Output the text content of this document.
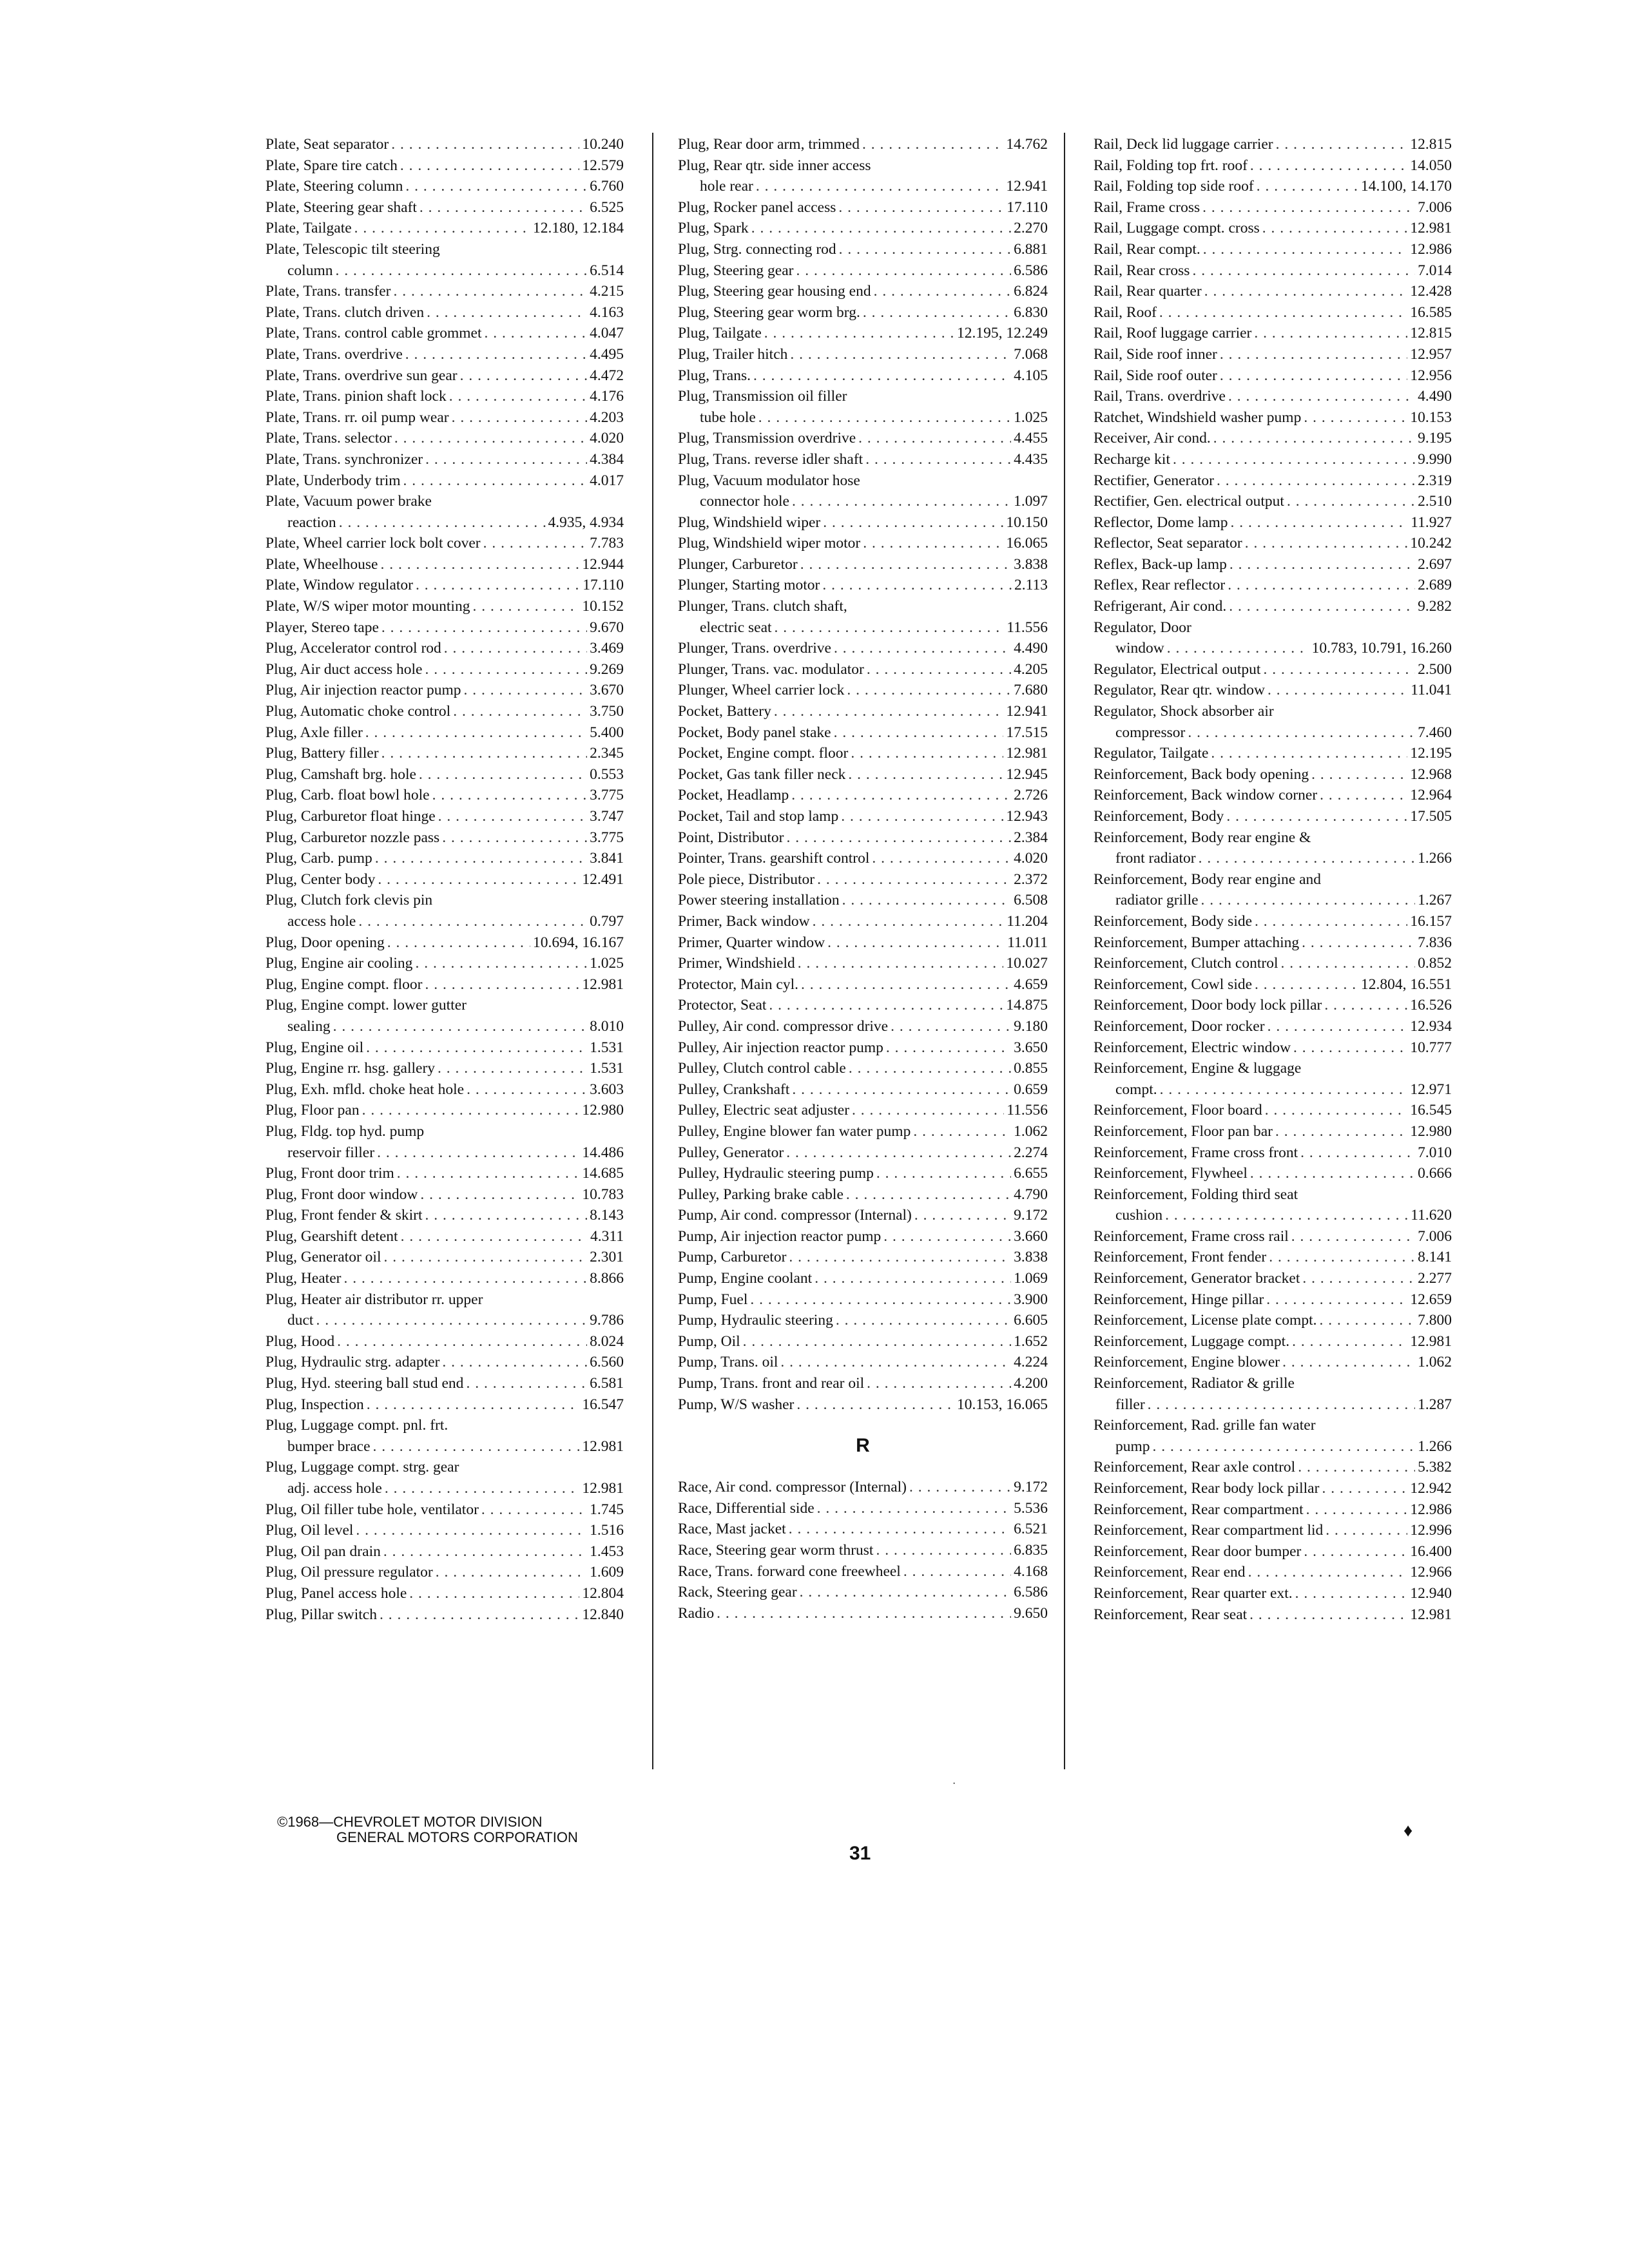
Plate, Seat separator . . .	10.240
Plate, Spare tire catch . . .	12.579
Plate, Steering column . . .	6.760
Plate, Steering gear shaft . . .	6.525
Plate, Tailgate . . .	12.180, 12.184
Plate, Telescopic tilt steering
column . . .	6.514
Plate, Trans. transfer . . .	4.215
Plate, Trans. clutch driven . . .	4.163
Plate, Trans. control cable grommet . . .	4.047
Plate, Trans. overdrive . . .	4.495
Plate, Trans. overdrive sun gear . . .	4.472
Plate, Trans. pinion shaft lock . . .	4.176
Plate, Trans. rr. oil pump wear . . .	4.203
Plate, Trans. selector . . .	4.020
Plate, Trans. synchronizer . . .	4.384
Plate, Underbody trim . . .	4.017
Plate, Vacuum power brake
reaction . . .	4.935, 4.934
Plate, Wheel carrier lock bolt cover . . .	7.783
Plate, Wheelhouse . . .	12.944
Plate, Window regulator . . .	17.110
Plate, W/S wiper motor mounting . . .	10.152
Player, Stereo tape . . .	9.670
Plug, Accelerator control rod . . .	3.469
Plug, Air duct access hole . . .	9.269
Plug, Air injection reactor pump . . .	3.670
Plug, Automatic choke control . . .	3.750
Plug, Axle filler . . .	5.400
Plug, Battery filler . . .	2.345
Plug, Camshaft brg. hole . . .	0.553
Plug, Carb. float bowl hole . . .	3.775
Plug, Carburetor float hinge . . .	3.747
Plug, Carburetor nozzle pass . . .	3.775
Plug, Carb. pump . . .	3.841
Plug, Center body . . .	12.491
Plug, Clutch fork clevis pin
access hole . . .	0.797
Plug, Door opening . . .	10.694, 16.167
Plug, Engine air cooling . . .	1.025
Plug, Engine compt. floor . . .	12.981
Plug, Engine compt. lower gutter
sealing . . .	8.010
Plug, Engine oil . . .	1.531
Plug, Engine rr. hsg. gallery . . .	1.531
Plug, Exh. mfld. choke heat hole . . .	3.603
Plug, Floor pan . . .	12.980
Plug, Fldg. top hyd. pump
reservoir filler . . .	14.486
Plug, Front door trim . . .	14.685
Plug, Front door window . . .	10.783
Plug, Front fender & skirt . . .	8.143
Plug, Gearshift detent . . .	4.311
Plug, Generator oil . . .	2.301
Plug, Heater . . .	8.866
Plug, Heater air distributor rr. upper
duct . . .	9.786
Plug, Hood . . .	8.024
Plug, Hydraulic strg. adapter . . .	6.560
Plug, Hyd. steering ball stud end . . .	6.581
Plug, Inspection . . .	16.547
Plug, Luggage compt. pnl. frt.
bumper brace . . .	12.981
Plug, Luggage compt. strg. gear
adj. access hole . . .	12.981
Plug, Oil filler tube hole, ventilator . . .	1.745
Plug, Oil level . . .	1.516
Plug, Oil pan drain . . .	1.453
Plug, Oil pressure regulator . . .	1.609
Plug, Panel access hole . . .	12.804
Plug, Pillar switch . . .	12.840
Plug, Rear door arm, trimmed . . .	14.762
Plug, Rear qtr. side inner access
hole rear . . .	12.941
Plug, Rocker panel access . . .	17.110
Plug, Spark . . .	2.270
Plug, Strg. connecting rod . . .	6.881
Plug, Steering gear . . .	6.586
Plug, Steering gear housing end . . .	6.824
Plug, Steering gear worm brg. . . .	6.830
Plug, Tailgate . . .	12.195, 12.249
Plug, Trailer hitch . . .	7.068
Plug, Trans. . . .	4.105
Plug, Transmission oil filler
tube hole . . .	1.025
Plug, Transmission overdrive . . .	4.455
Plug, Trans. reverse idler shaft . . .	4.435
Plug, Vacuum modulator hose
connector hole . . .	1.097
Plug, Windshield wiper . . .	10.150
Plug, Windshield wiper motor . . .	16.065
Plunger, Carburetor . . .	3.838
Plunger, Starting motor . . .	2.113
Plunger, Trans. clutch shaft,
electric seat . . .	11.556
Plunger, Trans. overdrive . . .	4.490
Plunger, Trans. vac. modulator . . .	4.205
Plunger, Wheel carrier lock . . .	7.680
Pocket, Battery . . .	12.941
Pocket, Body panel stake . . .	17.515
Pocket, Engine compt. floor . . .	12.981
Pocket, Gas tank filler neck . . .	12.945
Pocket, Headlamp . . .	2.726
Pocket, Tail and stop lamp . . .	12.943
Point, Distributor . . .	2.384
Pointer, Trans. gearshift control . . .	4.020
Pole piece, Distributor . . .	2.372
Power steering installation . . .	6.508
Primer, Back window . . .	11.204
Primer, Quarter window . . .	11.011
Primer, Windshield . . .	10.027
Protector, Main cyl. . . .	4.659
Protector, Seat . . .	14.875
Pulley, Air cond. compressor drive . . .	9.180
Pulley, Air injection reactor pump . . .	3.650
Pulley, Clutch control cable . . .	0.855
Pulley, Crankshaft . . .	0.659
Pulley, Electric seat adjuster . . .	11.556
Pulley, Engine blower fan water pump . . .	1.062
Pulley, Generator . . .	2.274
Pulley, Hydraulic steering pump . . .	6.655
Pulley, Parking brake cable . . .	4.790
Pump, Air cond. compressor (Internal) . . .	9.172
Pump, Air injection reactor pump . . .	3.660
Pump, Carburetor . . .	3.838
Pump, Engine coolant . . .	1.069
Pump, Fuel . . .	3.900
Pump, Hydraulic steering . . .	6.605
Pump, Oil . . .	1.652
Pump, Trans. oil . . .	4.224
Pump, Trans. front and rear oil . . .	4.200
Pump, W/S washer . . .	10.153, 16.065
R
Race, Air cond. compressor (Internal) . . .	9.172
Race, Differential side . . .	5.536
Race, Mast jacket . . .	6.521
Race, Steering gear worm thrust . . .	6.835
Race, Trans. forward cone freewheel . . .	4.168
Rack, Steering gear . . .	6.586
Radio . . .	9.650
Rail, Deck lid luggage carrier . . .	12.815
Rail, Folding top frt. roof . . .	14.050
Rail, Folding top side roof . . .	14.100, 14.170
Rail, Frame cross . . .	7.006
Rail, Luggage compt. cross . . .	12.981
Rail, Rear compt. . . .	12.986
Rail, Rear cross . . .	7.014
Rail, Rear quarter . . .	12.428
Rail, Roof . . .	16.585
Rail, Roof luggage carrier . . .	12.815
Rail, Side roof inner . . .	12.957
Rail, Side roof outer . . .	12.956
Rail, Trans. overdrive . . .	4.490
Ratchet, Windshield washer pump . . .	10.153
Receiver, Air cond. . . .	9.195
Recharge kit . . .	9.990
Rectifier, Generator . . .	2.319
Rectifier, Gen. electrical output . . .	2.510
Reflector, Dome lamp . . .	11.927
Reflector, Seat separator . . .	10.242
Reflex, Back-up lamp . . .	2.697
Reflex, Rear reflector . . .	2.689
Refrigerant, Air cond. . . .	9.282
Regulator, Door
window . . .	10.783, 10.791, 16.260
Regulator, Electrical output . . .	2.500
Regulator, Rear qtr. window . . .	11.041
Regulator, Shock absorber air
compressor . . .	7.460
Regulator, Tailgate . . .	12.195
Reinforcement, Back body opening . . .	12.968
Reinforcement, Back window corner . . .	12.964
Reinforcement, Body . . .	17.505
Reinforcement, Body rear engine &
front radiator . . .	1.266
Reinforcement, Body rear engine and
radiator grille . . .	1.267
Reinforcement, Body side . . .	16.157
Reinforcement, Bumper attaching . . .	7.836
Reinforcement, Clutch control . . .	0.852
Reinforcement, Cowl side . . .	12.804, 16.551
Reinforcement, Door body lock pillar . . .	16.526
Reinforcement, Door rocker . . .	12.934
Reinforcement, Electric window . . .	10.777
Reinforcement, Engine & luggage
compt. . . .	12.971
Reinforcement, Floor board . . .	16.545
Reinforcement, Floor pan bar . . .	12.980
Reinforcement, Frame cross front . . .	7.010
Reinforcement, Flywheel . . .	0.666
Reinforcement, Folding third seat
cushion . . .	11.620
Reinforcement, Frame cross rail . . .	7.006
Reinforcement, Front fender . . .	8.141
Reinforcement, Generator bracket . . .	2.277
Reinforcement, Hinge pillar . . .	12.659
Reinforcement, License plate compt. . . .	7.800
Reinforcement, Luggage compt. . . .	12.981
Reinforcement, Engine blower . . .	1.062
Reinforcement, Radiator & grille
filler . . .	1.287
Reinforcement, Rad. grille fan water
pump . . .	1.266
Reinforcement, Rear axle control . . .	5.382
Reinforcement, Rear body lock pillar . . .	12.942
Reinforcement, Rear compartment . . .	12.986
Reinforcement, Rear compartment lid . . .	12.996
Reinforcement, Rear door bumper . . .	16.400
Reinforcement, Rear end . . .	12.966
Reinforcement, Rear quarter ext. . . .	12.940
Reinforcement, Rear seat . . .	12.981
·
©1968—CHEVROLET MOTOR DIVISION
GENERAL MOTORS CORPORATION
31
♦
